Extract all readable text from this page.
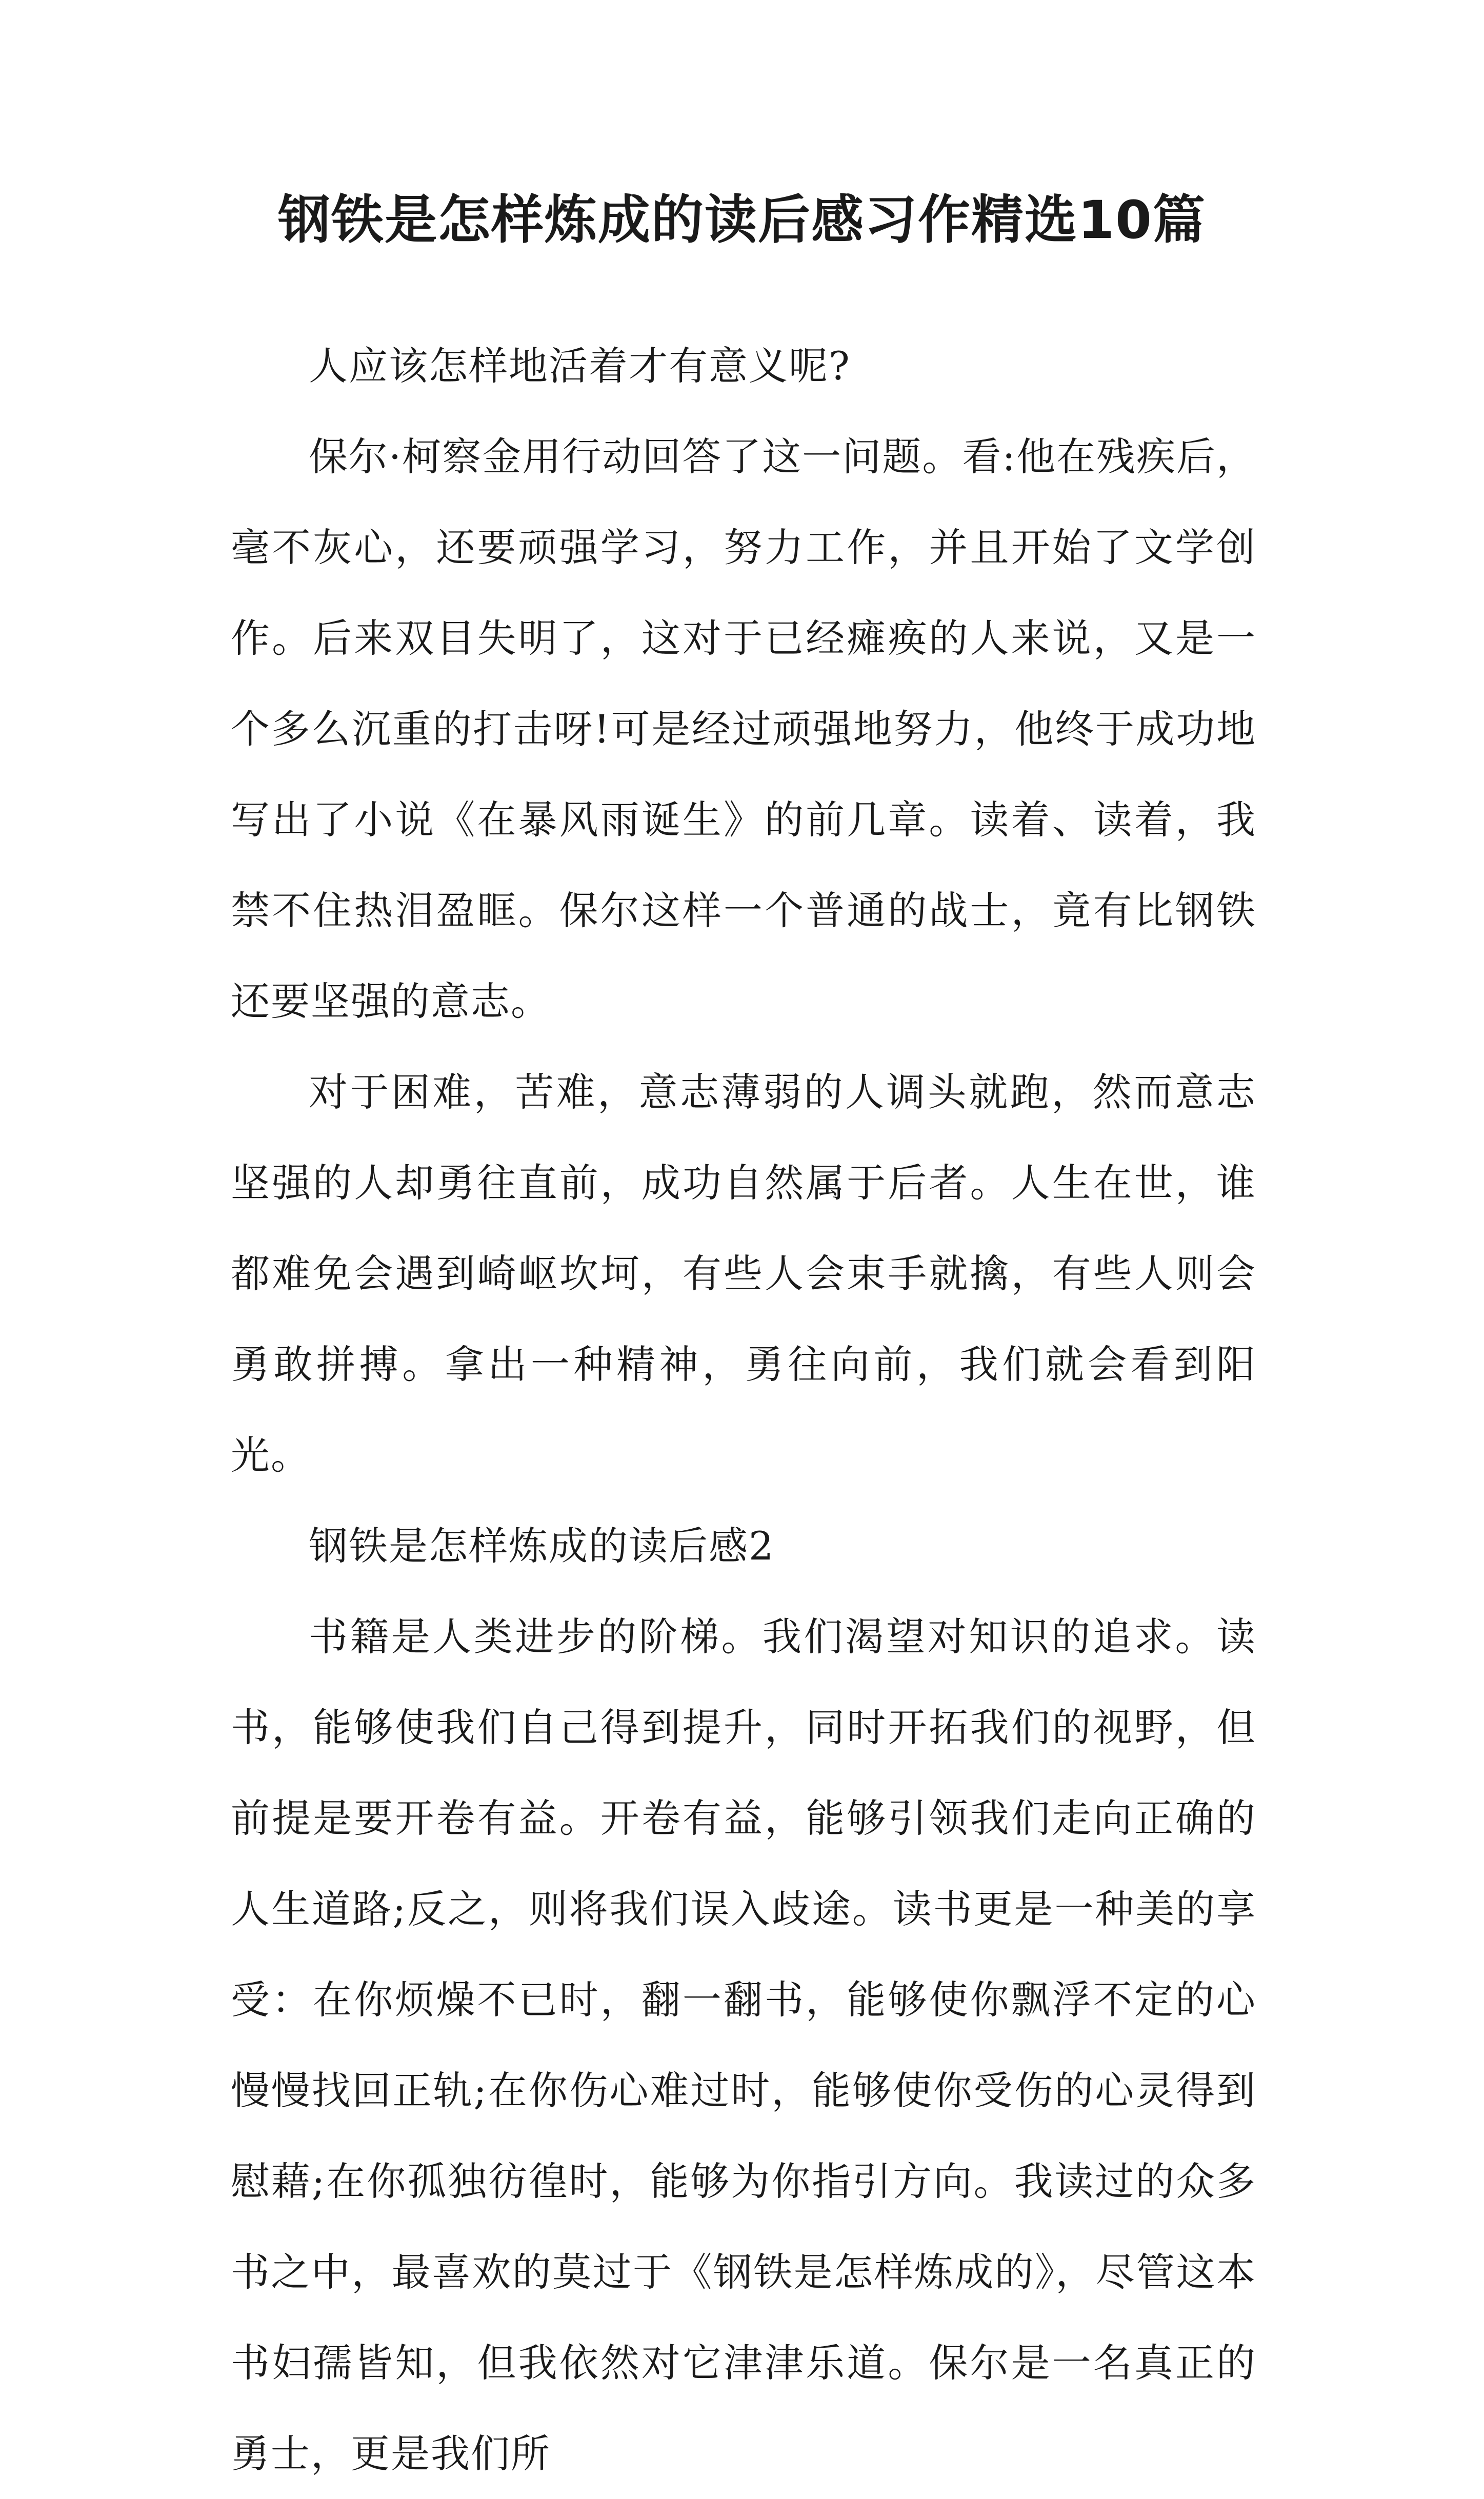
钢铁是怎样炼成的读后感习作精选10篇

人应该怎样地活着才有意义呢?

保尔·柯察金用行动回答了这一问题。看:他在残疾后，毫不灰心，还要顽强学习，努力工作，并且开始了文学创作。后来双目失明了，这对于已经瘫痪的人来说，又是一个多么沉重的打击呀!可是经过顽强地努力，他终于成功地写出了小说《在暴风雨诞生》的前几章。读着、读着，我禁不住热泪盈眶。保尔这样一个普通的战士，竟有比钢铁还要坚强的意志。

对于困难，苦难，意志薄弱的人调头就跑，然而意志坚强的人却勇往直前，成功自然属于后者。人生在世，谁都难免会遇到崎岖坎坷，有些人会束手就擒，有些人则会勇敢拼搏。拿出一种精神，勇往向前，我们就会看到阳光。

钢铁是怎样炼成的读后感2

书籍是人类进步的阶梯。我们渴望对知识的追求。读书，能够使我们自己得到提升，同时开拓我们的视野，但前提是要开卷有益。开卷有益，能够引领我们走向正确的人生道路;反之，则将我们误入歧途。读书更是一种美的享受：在你烦燥不已时，翻一翻书，能够使你飘浮不定的心慢慢找回正轨;在你伤心难过时，能够使你受伤的心灵得到慰藉;在你孤独彷徨时，能够为你指引方向。我读过的众多书之中，最喜欢的莫过于《钢铁是怎样炼成的》，尽管这本书妇孺皆知，但我依然对它津津乐道。保尔是一名真正的勇士，更是我们所
